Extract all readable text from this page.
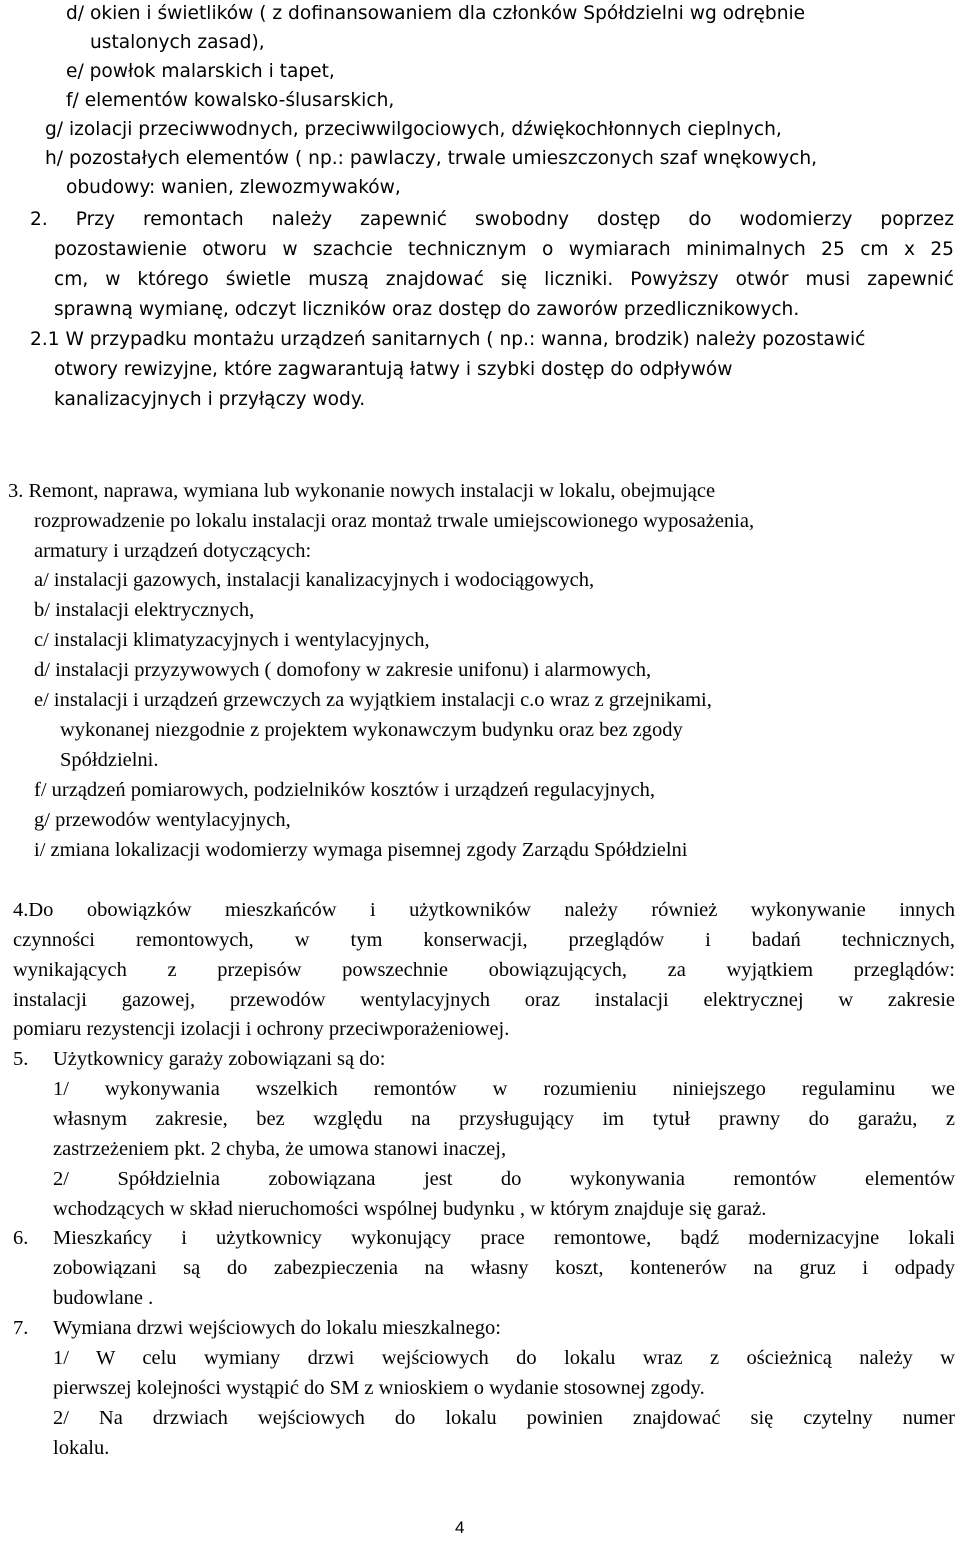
d/ okien i świetlików ( z dofinansowaniem dla członków Spółdzielni wg odrębnie
ustalonych zasad),
e/ powłok malarskich i tapet,
f/ elementów kowalsko-ślusarskich,
g/ izolacji przeciwwodnych, przeciwwilgociowych, dźwiękochłonnych cieplnych,
h/ pozostałych elementów ( np.: pawlaczy, trwale umieszczonych szaf wnękowych,
obudowy: wanien, zlewozmywaków,
2. Przy remontach należy zapewnić swobodny dostęp do wodomierzy poprzez
pozostawienie otworu w szachcie technicznym o wymiarach minimalnych 25 cm x 25
cm, w którego świetle muszą znajdować się liczniki. Powyższy otwór musi zapewnić
sprawną wymianę, odczyt liczników oraz dostęp do zaworów przedlicznikowych.
2.1 W przypadku montażu urządzeń sanitarnych ( np.: wanna, brodzik) należy pozostawić
otwory rewizyjne, które zagwarantują łatwy i szybki dostęp do odpływów
kanalizacyjnych i przyłączy wody.
3. Remont, naprawa, wymiana lub wykonanie nowych instalacji w lokalu, obejmujące
rozprowadzenie po lokalu instalacji oraz montaż trwale umiejscowionego wyposażenia,
armatury i urządzeń dotyczących:
a/ instalacji gazowych, instalacji kanalizacyjnych i wodociągowych,
b/ instalacji elektrycznych,
c/ instalacji klimatyzacyjnych i wentylacyjnych,
d/ instalacji przyzywowych ( domofony w zakresie unifonu) i alarmowych,
e/ instalacji i urządzeń grzewczych za wyjątkiem instalacji c.o wraz z grzejnikami,
wykonanej niezgodnie z projektem wykonawczym budynku oraz bez zgody
Spółdzielni.
f/ urządzeń pomiarowych, podzielników kosztów i urządzeń regulacyjnych,
g/ przewodów wentylacyjnych,
i/ zmiana lokalizacji wodomierzy wymaga pisemnej zgody Zarządu Spółdzielni
4.Do obowiązków mieszkańców i użytkowników należy również wykonywanie innych
czynności remontowych, w tym konserwacji, przeglądów i badań technicznych,
wynikających z przepisów powszechnie obowiązujących, za wyjątkiem przeglądów:
instalacji gazowej, przewodów wentylacyjnych oraz instalacji elektrycznej w zakresie
pomiaru rezystencji izolacji i ochrony przeciwporażeniowej.
5. Użytkownicy garaży zobowiązani są do:
1/ wykonywania wszelkich remontów w rozumieniu niniejszego regulaminu we
własnym zakresie, bez względu na przysługujący im tytuł prawny do garażu, z
zastrzeżeniem pkt. 2 chyba, że umowa stanowi inaczej,
2/ Spółdzielnia zobowiązana jest do wykonywania remontów elementów
wchodzących w skład nieruchomości wspólnej budynku , w którym znajduje się garaż.
6. Mieszkańcy i użytkownicy wykonujący prace remontowe, bądź modernizacyjne lokali
zobowiązani są do zabezpieczenia na własny koszt, kontenerów na gruz i odpady
budowlane .
7. Wymiana drzwi wejściowych do lokalu mieszkalnego:
1/ W celu wymiany drzwi wejściowych do lokalu wraz z ościeżnicą należy w
pierwszej kolejności wystąpić do SM z wnioskiem o wydanie stosownej zgody.
2/ Na drzwiach wejściowych do lokalu powinien znajdować się czytelny numer
lokalu.
4
